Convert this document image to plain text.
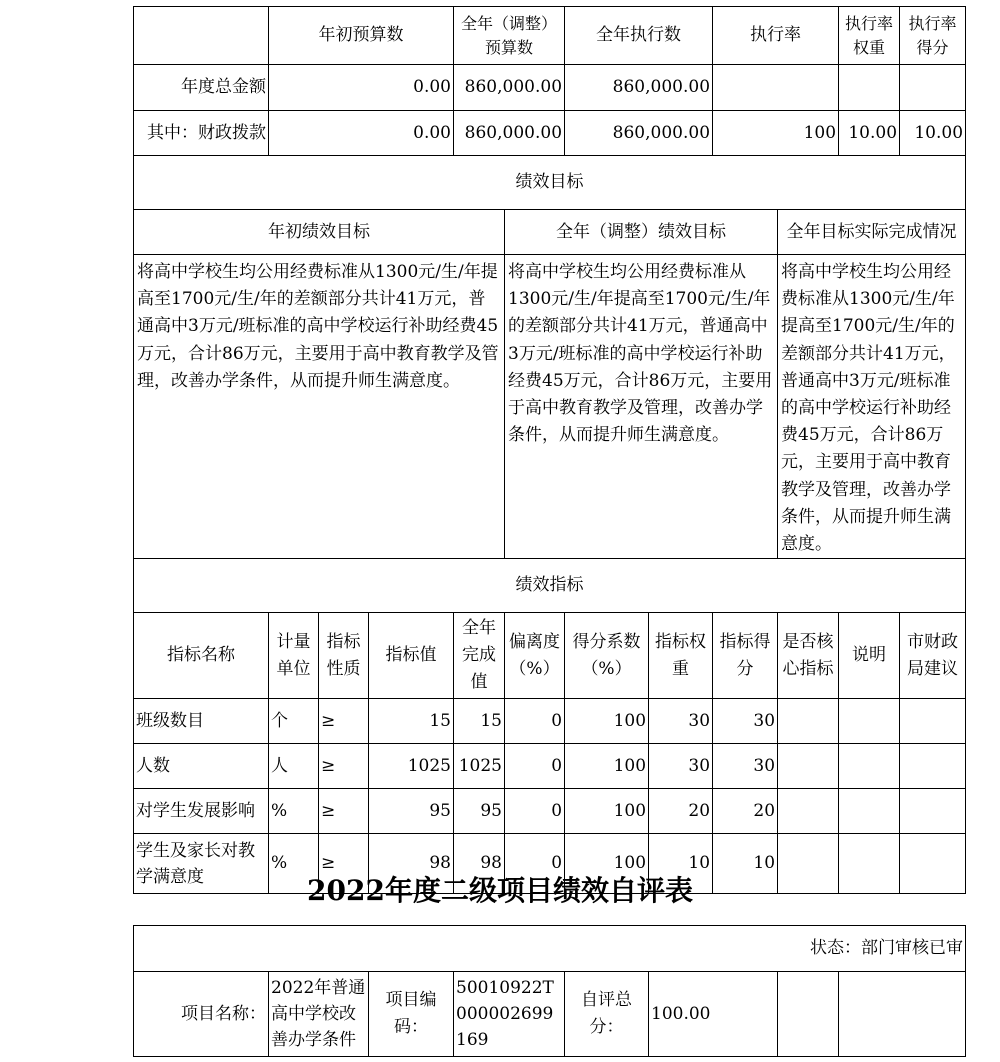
	年初预算数			全年（调整）预算数		全年执行数		执行率		执行率权重	执行率得分
年度总金额	0.00			860,000.00		860,000.00					
其中：财政拨款	0.00			860,000.00		860,000.00		100		10.00	10.00
绩效目标											
年初绩效目标					全年（调整）绩效目标				全年目标实际完成情况		
将高中学校生均公用经费标准从1300元/生/年提高至1700元/生/年的差额部分共计41万元，普通高中3万元/班标准的高中学校运行补助经费45万元，合计86万元，主要用于高中教育教学及管理，改善办学条件，从而提升师生满意度。					将高中学校生均公用经费标准从1300元/生/年提高至1700元/生/年的差额部分共计41万元，普通高中3万元/班标准的高中学校运行补助经费45万元，合计86万元，主要用于高中教育教学及管理，改善办学条件，从而提升师生满意度。				将高中学校生均公用经费标准从1300元/生/年提高至1700元/生/年的差额部分共计41万元，普通高中3万元/班标准的高中学校运行补助经费45万元，合计86万元，主要用于高中教育教学及管理，改善办学条件，从而提升师生满意度。		
绩效指标											
指标名称	计量单位	指标性质	指标值	全年完成值	偏离度（%）	得分系数（%）	指标权重	指标得分	是否核心指标	说明	市财政局建议
班级数目	个	≥	15	15	0	100	30	30			
人数	人	≥	1025	1025	0	100	30	30			
对学生发展影响	%	≥	95	95	0	100	20	20			
学生及家长对教学满意度	%	≥	98	98	0	100	10	10			
2022年度二级项目绩效自评表
状态：部门审核已审
项目名称：	2022年普通高中学校改善办学条件	项目编码：	50010922T000002699169	自评总分：	100.00		
